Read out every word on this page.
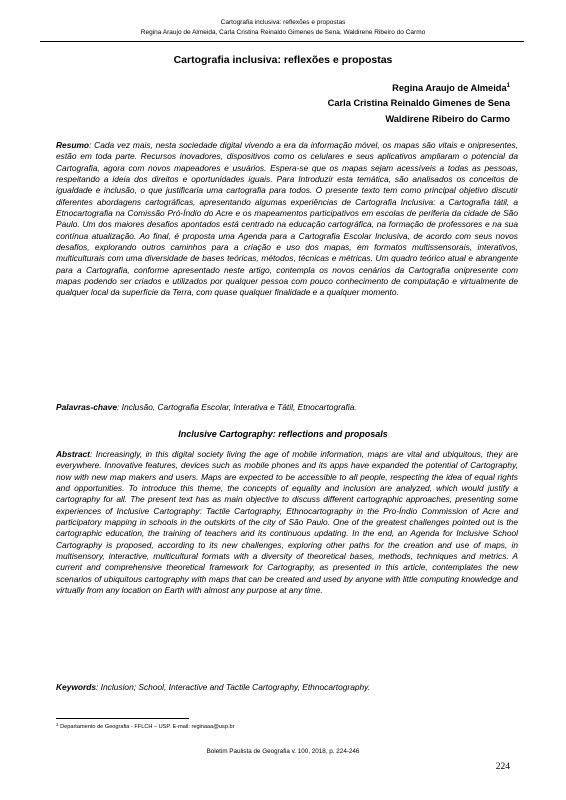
Cartografia inclusiva: reflexões e propostas
Regina Araujo de Almeida, Carla Cristina Reinaldo Gimenes de Sena, Waldirene Ribeiro do Carmo
Cartografia inclusiva: reflexões e propostas
Regina Araujo de Almeida$^1$
Carla Cristina Reinaldo Gimenes de Sena
Waldirene Ribeiro do Carmo
Resumo: Cada vez mais, nesta sociedade digital vivendo a era da informação móvel, os mapas são vitais e onipresentes, estão em toda parte. Recursos inovadores, dispositivos como os celulares e seus aplicativos ampliaram o potencial da Cartografia, agora com novos mapeadores e usuários. Espera-se que os mapas sejam acessíveis a todas as pessoas, respeitando a ideia dos direitos e oportunidades iguais. Para Introduzir esta temática, são analisados os conceitos de igualdade e inclusão, o que justificaria uma cartografia para todos. O presente texto tem como principal objetivo discutir diferentes abordagens cartográficas, apresentando algumas experiências de Cartografia Inclusiva: a Cartografia tátil, a Etnocartografia na Comissão Pró-Índio do Acre e os mapeamentos participativos em escolas de periferia da cidade de São Paulo. Um dos maiores desafios apontados está centrado na educação cartográfica, na formação de professores e na sua contínua atualização. Ao final, é proposta uma Agenda para a Cartografia Escolar Inclusiva, de acordo com seus novos desafios, explorando outros caminhos para a criação e uso dos mapas, em formatos multissensorais, interativos, multiculturais com uma diversidade de bases teóricas, métodos, técnicas e métricas. Um quadro teórico atual e abrangente para a Cartografia, conforme apresentado neste artigo, contempla os novos cenários da Cartografia onipresente com mapas podendo ser criados e utilizados por qualquer pessoa com pouco conhecimento de computação e virtualmente de qualquer local da superfície da Terra, com quase qualquer finalidade e a qualquer momento.
Palavras-chave: Inclusão, Cartografia Escolar, Interativa e Tátil, Etnocartografia.
Inclusive Cartography: reflections and proposals
Abstract: Increasingly, in this digital society living the age of mobile information, maps are vital and ubiquitous, they are everywhere. Innovative features, devices such as mobile phones and its apps have expanded the potential of Cartography, now with new map makers and users. Maps are expected to be accessible to all people, respecting the idea of equal rights and opportunities. To introduce this theme, the concepts of equality and inclusion are analyzed, which would justify a cartography for all. The present text has as main objective to discuss different cartographic approaches, presenting some experiences of Inclusive Cartography: Tactile Cartography, Ethnocartography in the Pro-Índio Commission of Acre and participatory mapping in schools in the outskirts of the city of São Paulo. One of the greatest challenges pointed out is the cartographic education, the training of teachers and its continuous updating. In the end, an Agenda for Inclusive School Cartography is proposed, according to its new challenges, exploring other paths for the creation and use of maps, in multisensory, interactive, multicultural formats with a diversity of theoretical bases, methods, techniques and metrics. A current and comprehensive theoretical framework for Cartography, as presented in this article, contemplates the new scenarios of ubiquitous cartography with maps that can be created and used by anyone with little computing knowledge and virtually from any location on Earth with almost any purpose at any time.
Keywords: Inclusion; School, Interactive and Tactile Cartography, Ethnocartography.
$^1$ Departamento de Geografia - FFLCH – USP. E-mail: reginaaa@usp.br
Boletim Paulista de Geografia v. 100, 2018, p. 224-246
224
